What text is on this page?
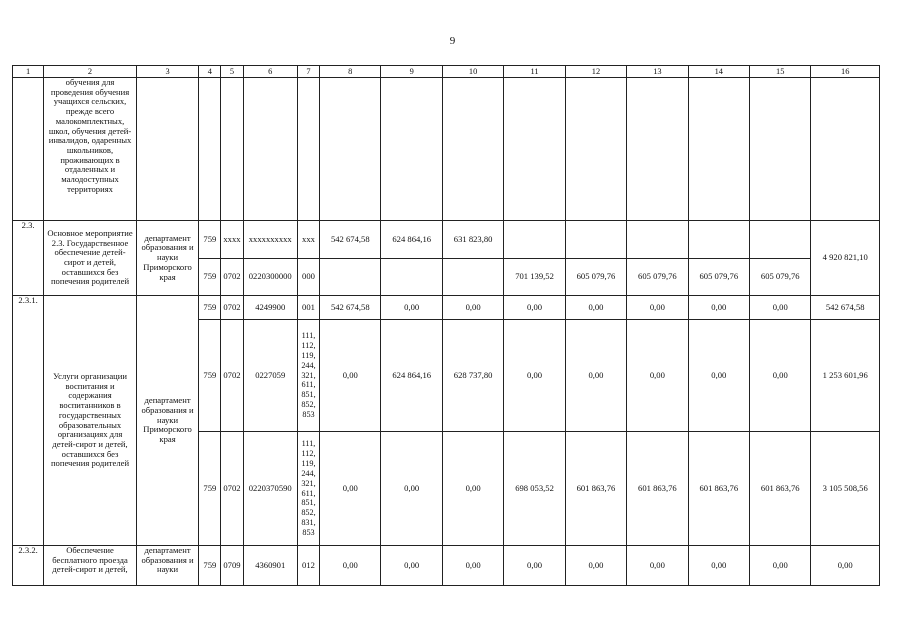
9
1	2	3	4	5	6	7	8	9	10	11	12	13	14	15	16
	обучения для проведения обучения учащихся сельских, прежде всего малокомплектных, школ, обучения детей-инвалидов, одаренных школьников, проживающих в отдаленных и малодоступных территориях														
2.3.	Основное мероприятие 2.3. Государственное обеспечение детей-сирот и детей, оставшихся без попечения родителей	департамент образования и науки Приморского края	759	xxxx	xxxxxxxxxx	xxx	542 674,58	624 864,16	631 823,80						4 920 821,10
			759	0702	0220300000	000				701 139,52	605 079,76	605 079,76	605 079,76	605 079,76	
2.3.1.	Услуги организации воспитания и содержания воспитанников в государственных образовательных организациях для детей-сирот и детей, оставшихся без попечения родителей	департамент образования и науки Приморского края	759	0702	4249900	001	542 674,58	0,00	0,00	0,00	0,00	0,00	0,00	0,00	542 674,58
			759	0702	0227059	111, 112, 119, 244, 321, 611, 851, 852, 853	0,00	624 864,16	628 737,80	0,00	0,00	0,00	0,00	0,00	1 253 601,96
			759	0702	0220370590	111, 112, 119, 244, 321, 611, 851, 852, 831, 853	0,00	0,00	0,00	698 053,52	601 863,76	601 863,76	601 863,76	601 863,76	3 105 508,56
2.3.2.	Обеспечение бесплатного проезда детей-сирот и детей,	департамент образования и науки	759	0709	4360901	012	0,00	0,00	0,00	0,00	0,00	0,00	0,00	0,00	0,00
